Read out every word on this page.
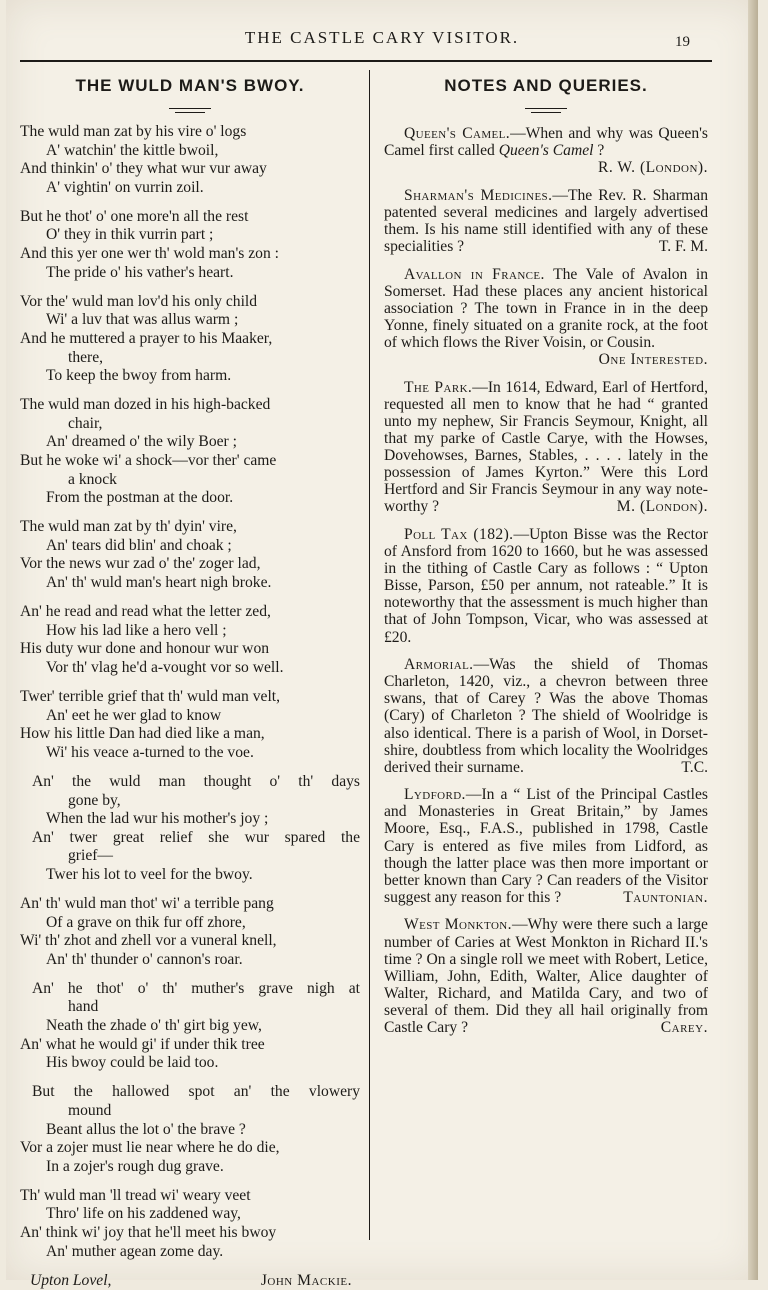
THE CASTLE CARY VISITOR.	19
THE WULD MAN'S BWOY.
The wuld man zat by his vire o' logs
A' watchin' the kittle bwoil,
And thinkin' o' they what wur vur away
A' vightin' on vurrin zoil.
But he thot' o' one more'n all the rest
O' they in thik vurrin part ;
And this yer one wer th' wold man's zon :
The pride o' his vather's heart.
Vor the' wuld man lov'd his only child
Wi' a luv that was allus warm ;
And he muttered a prayer to his Maaker,
there,
To keep the bwoy from harm.
The wuld man dozed in his high-backed
chair,
An' dreamed o' the wily Boer ;
But he woke wi' a shock—vor ther' came
a knock
From the postman at the door.
The wuld man zat by th' dyin' vire,
An' tears did blin' and choak ;
Vor the news wur zad o' the' zoger lad,
An' th' wuld man's heart nigh broke.
An' he read and read what the letter zed,
How his lad like a hero vell ;
His duty wur done and honour wur won
Vor th' vlag he'd a-vought vor so well.
Twer' terrible grief that th' wuld man velt,
An' eet he wer glad to know
How his little Dan had died like a man,
Wi' his veace a-turned to the voe.
An' the wuld man thought o' th' days
gone by,
When the lad wur his mother's joy ;
An' twer great relief she wur spared the
grief—
Twer his lot to veel for the bwoy.
An' th' wuld man thot' wi' a terrible pang
Of a grave on thik fur off zhore,
Wi' th' zhot and zhell vor a vuneral knell,
An' th' thunder o' cannon's roar.
An' he thot' o' th' muther's grave nigh at
hand
Neath the zhade o' th' girt big yew,
An' what he would gi' if under thik tree
His bwoy could be laid too.
But the hallowed spot an' the vlowery
mound
Beant allus the lot o' the brave ?
Vor a zojer must lie near where he do die,
In a zojer's rough dug grave.
Th' wuld man 'll tread wi' weary veet
Thro' life on his zaddened way,
An' think wi' joy that he'll meet his bwoy
An' muther agean zome day.
Upton Lovel,	John Mackie.
NOTES AND QUERIES.
Queen's Camel.—When and why was Queen's Camel first called Queen's Camel ?
R. W. (London).
Sharman's Medicines.—The Rev. R. Sharman patented several medicines and largely advertised them. Is his name still identified with any of these specialities ?	T. F. M.
Avallon in France. The Vale of Avalon in Somerset. Had these places any ancient historical association ? The town in France in in the deep Yonne, finely situated on a granite rock, at the foot of which flows the River Voisin, or Cousin.
One Interested.
The Park.—In 1614, Edward, Earl of Hertford, requested all men to know that he had “ granted unto my nephew, Sir Francis Seymour, Knight, all that my parke of Castle Carye, with the Howses, Dovehowses, Barnes, Stables, . . . . lately in the possession of James Kyrton.” Were this Lord Hertford and Sir Francis Seymour in any way note-worthy ?	M. (London).
Poll Tax (182).—Upton Bisse was the Rector of Ansford from 1620 to 1660, but he was assessed in the tithing of Castle Cary as follows : “ Upton Bisse, Parson, £50 per annum, not rateable.” It is noteworthy that the assessment is much higher than that of John Tompson, Vicar, who was assessed at £20.
Armorial.—Was the shield of Thomas Charleton, 1420, viz., a chevron between three swans, that of Carey ? Was the above Thomas (Cary) of Charleton ? The shield of Woolridge is also identical. There is a parish of Wool, in Dorset-shire, doubtless from which locality the Woolridges derived their surname.	T.C.
Lydford.—In a “ List of the Principal Castles and Monasteries in Great Britain,” by James Moore, Esq., F.A.S., published in 1798, Castle Cary is entered as five miles from Lidford, as though the latter place was then more important or better known than Cary ? Can readers of the Visitor suggest any reason for this ?	Tauntonian.
West Monkton.—Why were there such a large number of Caries at West Monkton in Richard II.'s time ? On a single roll we meet with Robert, Letice, William, John, Edith, Walter, Alice daughter of Walter, Richard, and Matilda Cary, and two of several of them. Did they all hail originally from Castle Cary ?	Carey.
